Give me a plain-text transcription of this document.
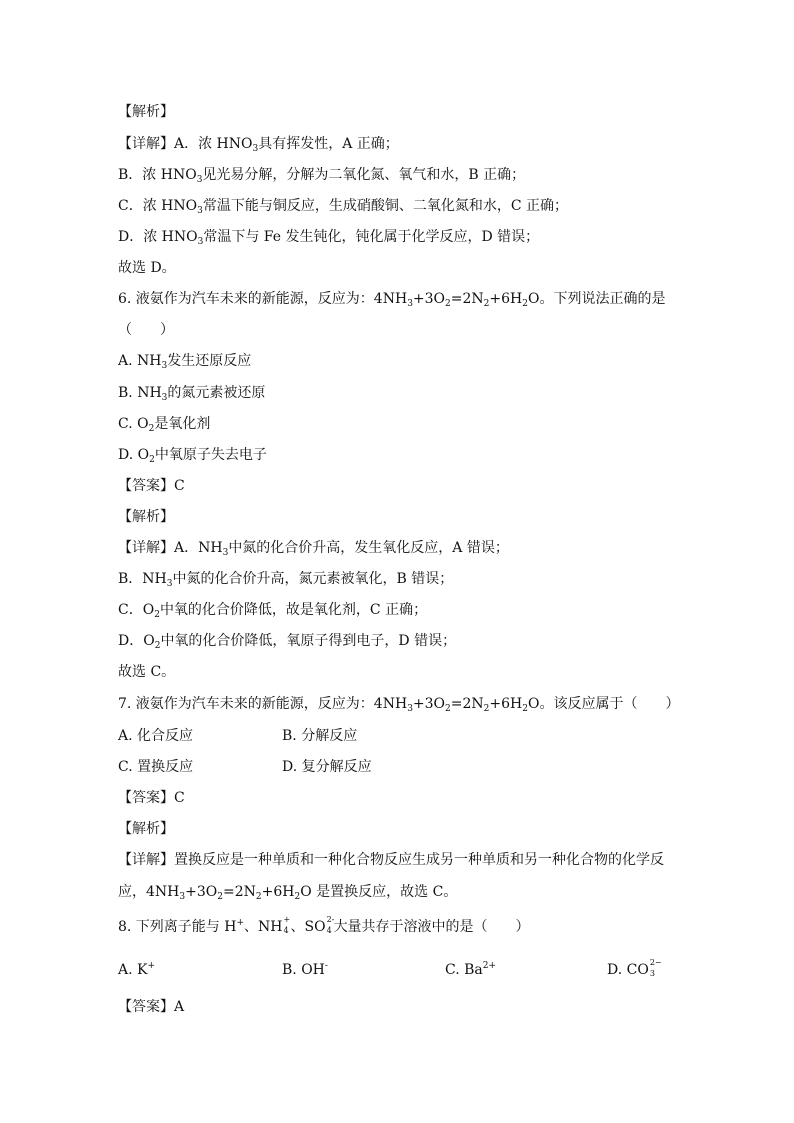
【解析】
【详解】A．浓 $HNO_3$具有挥发性，A 正确；
B．浓 $HNO_3$见光易分解，分解为二氧化氮、氧气和水，B 正确；
C．浓 $HNO_3$常温下能与铜反应，生成硝酸铜、二氧化氮和水，C 正确；
D．浓 $HNO_3$常温下与 Fe 发生钝化，钝化属于化学反应，D 错误；
故选 D。
6. 液氨作为汽车未来的新能源，反应为：$4NH_3+3O_2=2N_2+6H_2O$。下列说法正确的是
（　　）
A. $NH_3$发生还原反应
B. $NH_3$的氮元素被还原
C. $O_2$是氧化剂
D. $O_2$中氧原子失去电子
【答案】C
【解析】
【详解】A．$NH_3$中氮的化合价升高，发生氧化反应，A 错误；
B．$NH_3$中氮的化合价升高，氮元素被氧化，B 错误；
C．$O_2$中氧的化合价降低，故是氧化剂，C 正确；
D．$O_2$中氧的化合价降低，氧原子得到电子，D 错误；
故选 C。
7. 液氨作为汽车未来的新能源，反应为：$4NH_3+3O_2=2N_2+6H_2O$。该反应属于（　　）
A. 化合反应	B. 分解反应
C. 置换反应	D. 复分解反应
【答案】C
【解析】
【详解】置换反应是一种单质和一种化合物反应生成另一种单质和另一种化合物的化学反
应，$4NH_3+3O_2=2N_2+6H_2O$ 是置换反应，故选 C。
8. 下列离子能与 H+、NH +
4 、SO 2-
4 大量共存于溶液中的是（　　）
A. K+	B. OH-	C. $Ba^{2+}$	D. CO 2−
3
【答案】A
